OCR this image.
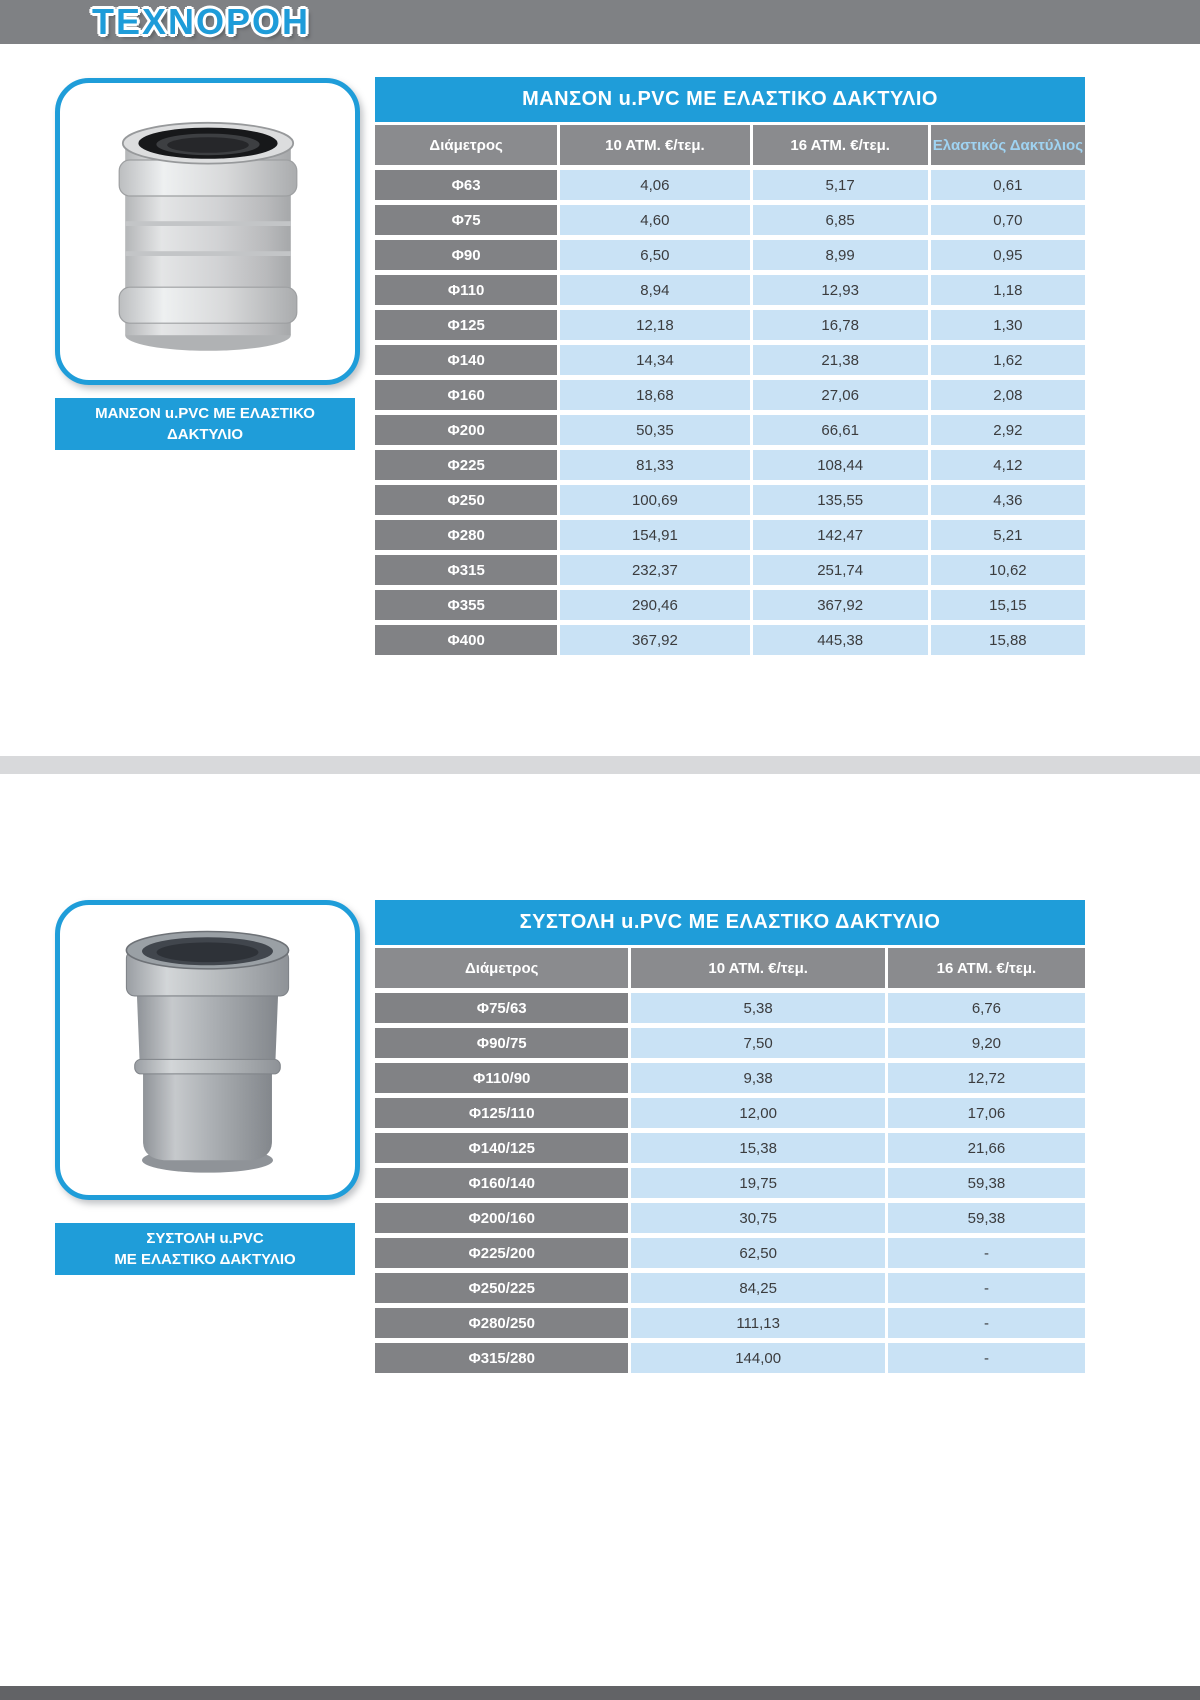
ΤΕΧΝΟΡΟΗ
ΜΑΝΣΟΝ u.PVC ΜΕ ΕΛΑΣΤΙΚΟ
ΔΑΚΤΥΛΙΟ
ΜΑΝΣΟΝ u.PVC ΜΕ ΕΛΑΣΤΙΚΟ ΔΑΚΤΥΛΙΟ
Διάμετρος	10 ΑΤΜ. €/τεμ.	16 ΑΤΜ. €/τεμ.	Ελαστικός Δακτύλιος
Φ63	4,06	5,17	0,61
Φ75	4,60	6,85	0,70
Φ90	6,50	8,99	0,95
Φ110	8,94	12,93	1,18
Φ125	12,18	16,78	1,30
Φ140	14,34	21,38	1,62
Φ160	18,68	27,06	2,08
Φ200	50,35	66,61	2,92
Φ225	81,33	108,44	4,12
Φ250	100,69	135,55	4,36
Φ280	154,91	142,47	5,21
Φ315	232,37	251,74	10,62
Φ355	290,46	367,92	15,15
Φ400	367,92	445,38	15,88
ΣΥΣΤΟΛΗ u.PVC
ΜΕ ΕΛΑΣΤΙΚΟ ΔΑΚΤΥΛΙΟ
ΣΥΣΤΟΛΗ u.PVC ΜΕ ΕΛΑΣΤΙΚΟ ΔΑΚΤΥΛΙΟ
Διάμετρος	10 ΑΤΜ. €/τεμ.	16 ΑΤΜ. €/τεμ.
Φ75/63	5,38	6,76
Φ90/75	7,50	9,20
Φ110/90	9,38	12,72
Φ125/110	12,00	17,06
Φ140/125	15,38	21,66
Φ160/140	19,75	59,38
Φ200/160	30,75	59,38
Φ225/200	62,50	-
Φ250/225	84,25	-
Φ280/250	111,13	-
Φ315/280	144,00	-
